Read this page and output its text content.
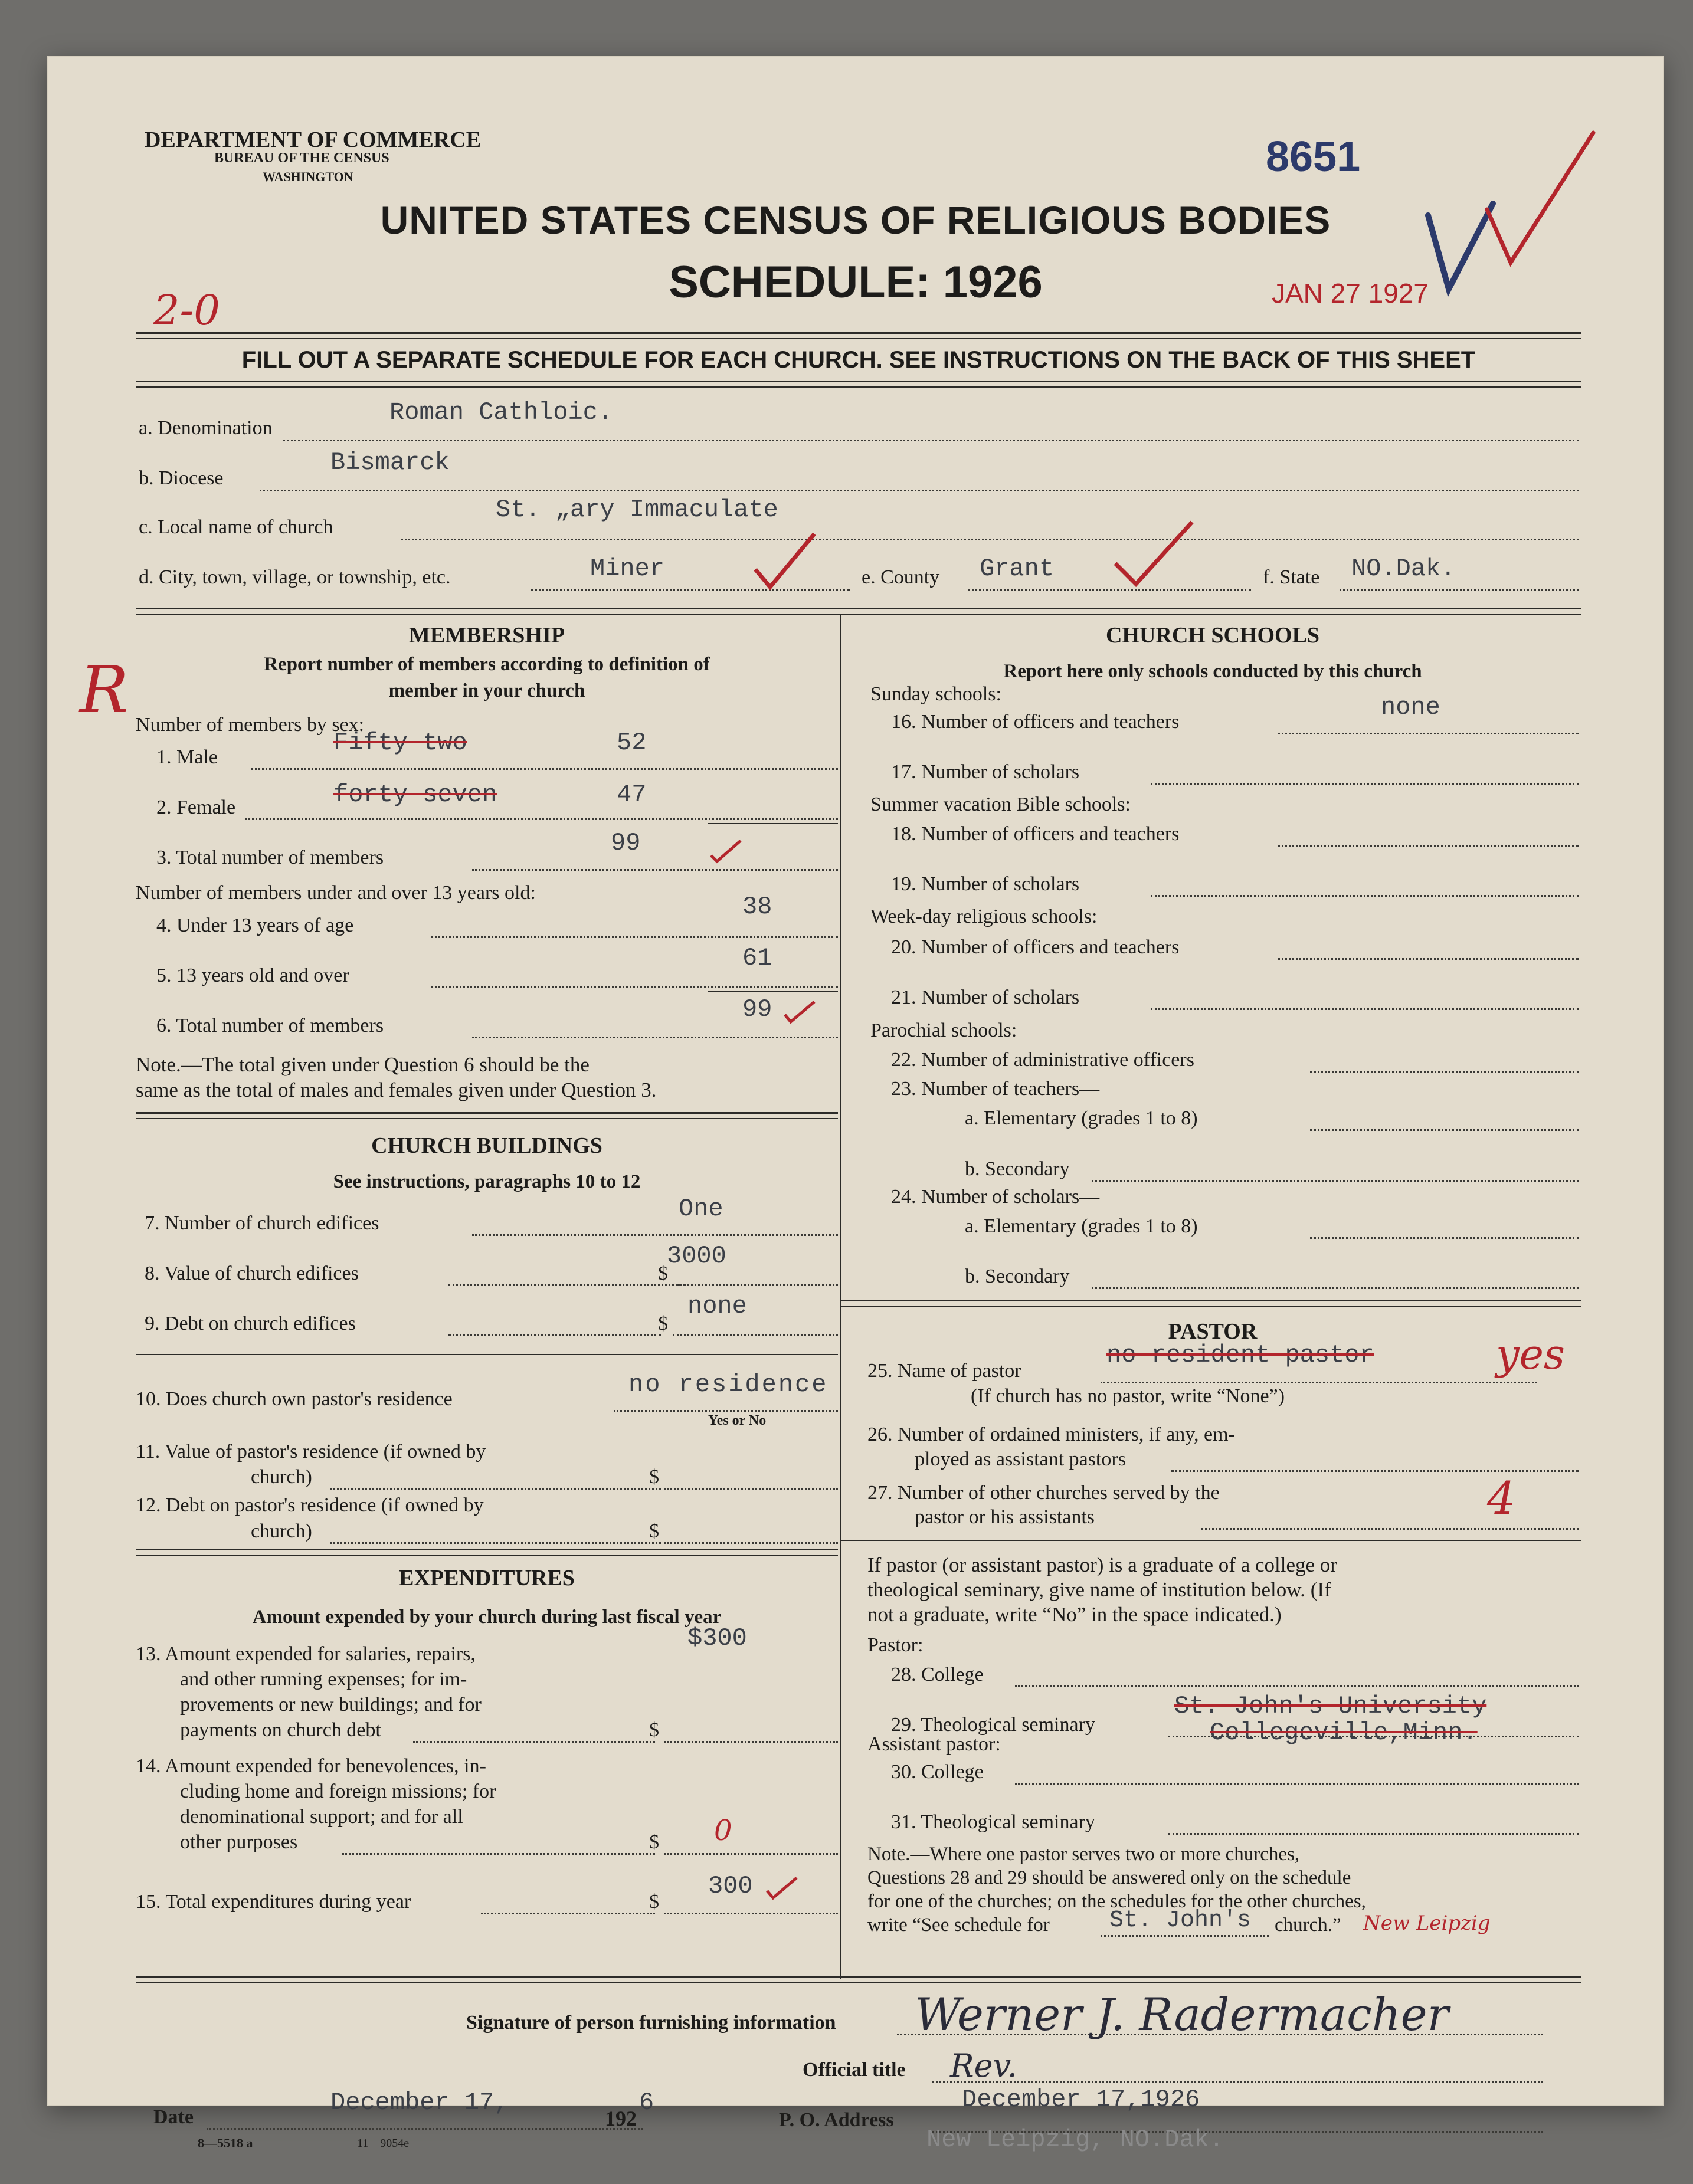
DEPARTMENT OF COMMERCE
BUREAU OF THE CENSUS
WASHINGTON
UNITED STATES CENSUS OF RELIGIOUS BODIES
SCHEDULE: 1926
8651
JAN 27 1927
2-0
FILL OUT A SEPARATE SCHEDULE FOR EACH CHURCH. SEE INSTRUCTIONS ON THE BACK OF THIS SHEET
a. Denomination
Roman Cathloic.
b. Diocese
Bismarck
c. Local name of church
St. „ary Immaculate
d. City, town, village, or township, etc.	Miner	e. County Grant	f. State NO.Dak.
MEMBERSHIP
Report number of members according to definition of
member in your church
R Number of members by sex:
1. Male
Fifty two	52
2. Female	forty seven	47
3. Total number of members
99
Number of members under and over 13 years old:
4. Under 13 years of age
38
5. 13 years old and over
61
6. Total number of members
99
Note.—The total given under Question 6 should be the
same as the total of males and females given under Question 3.
CHURCH BUILDINGS
See instructions, paragraphs 10 to 12
7. Number of church edifices
One
8. Value of church edifices	$
3000
9. Debt on church edifices	$
none
10. Does church own pastor's residence
no residence
Yes or No
11. Value of pastor's residence (if owned by
church)	$
12. Debt on pastor's residence (if owned by
church)	$
EXPENDITURES
Amount expended by your church during last fiscal year
13. Amount expended for salaries, repairs,
and other running expenses; for im-
provements or new buildings; and for
payments on church debt	$
$300
14. Amount expended for benevolences, in-
cluding home and foreign missions; for
denominational support; and for all
other purposes	$ 0
15. Total expenditures during year	$
300
CHURCH SCHOOLS
Report here only schools conducted by this church
Sunday schools:
16. Number of officers and teachers
none
17. Number of scholars
Summer vacation Bible schools:
18. Number of officers and teachers
19. Number of scholars
Week-day religious schools:
20. Number of officers and teachers
21. Number of scholars
Parochial schools:
22. Number of administrative officers
23. Number of teachers—
a. Elementary (grades 1 to 8)
b. Secondary
24. Number of scholars—
a. Elementary (grades 1 to 8)
b. Secondary
PASTOR
25. Name of pastor
no resident pastor	yes
(If church has no pastor, write “None”)
26. Number of ordained ministers, if any, em-
ployed as assistant pastors
27. Number of other churches served by the
pastor or his assistants	4
If pastor (or assistant pastor) is a graduate of a college or
theological seminary, give name of institution below. (If
not a graduate, write “No” in the space indicated.)
Pastor:
28. College
29. Theological seminary
St. John's University
Collegeville,Minn.
Assistant pastor:
30. College
31. Theological seminary
Note.—Where one pastor serves two or more churches,
Questions 28 and 29 should be answered only on the schedule
for one of the churches; on the schedules for the other churches,
write “See schedule for	St. John's church.” New Leipzig
Signature of person furnishing information Werner J. Radermacher
Official title Rev.
Date
December 17,
192
6
P. O. Address
December 17,1926
New Leipzig, NO.Dak.
8—5518 a	11—9054e
